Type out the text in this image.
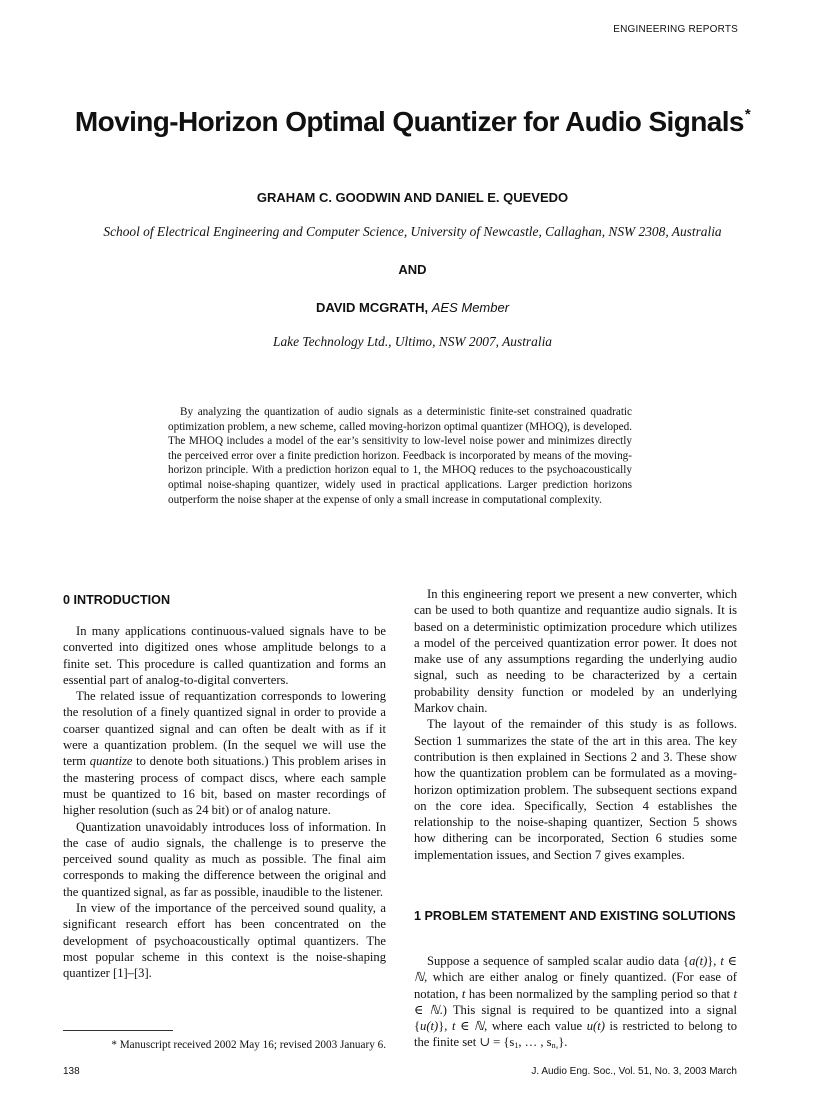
ENGINEERING REPORTS
Moving-Horizon Optimal Quantizer for Audio Signals*
GRAHAM C. GOODWIN AND DANIEL E. QUEVEDO
School of Electrical Engineering and Computer Science, University of Newcastle, Callaghan, NSW 2308, Australia
AND
DAVID MCGRATH, AES Member
Lake Technology Ltd., Ultimo, NSW 2007, Australia

By analyzing the quantization of audio signals as a deterministic finite-set constrained quadratic optimization problem, a new scheme, called moving-horizon optimal quantizer (MHOQ), is developed. The MHOQ includes a model of the ear’s sensitivity to low-level noise power and minimizes directly the perceived error over a finite prediction horizon. Feedback is incorporated by means of the moving-horizon principle. With a prediction horizon equal to 1, the MHOQ reduces to the psychoacoustically optimal noise-shaping quantizer, widely used in practical applications. Larger prediction horizons outperform the noise shaper at the expense of only a small increase in computational complexity.

0 INTRODUCTION

In many applications continuous-valued signals have to be converted into digitized ones whose amplitude belongs to a finite set. This procedure is called quantization and forms an essential part of analog-to-digital converters.

The related issue of requantization corresponds to lowering the resolution of a finely quantized signal in order to provide a coarser quantized signal and can often be dealt with as if it were a quantization problem. (In the sequel we will use the term quantize to denote both situations.) This problem arises in the mastering process of compact discs, where each sample must be quantized to 16 bit, based on master recordings of higher resolution (such as 24 bit) or of analog nature.

Quantization unavoidably introduces loss of information. In the case of audio signals, the challenge is to preserve the perceived sound quality as much as possible. The final aim corresponds to making the difference between the original and the quantized signal, as far as possible, inaudible to the listener.

In view of the importance of the perceived sound quality, a significant research effort has been concentrated on the development of psychoacoustically optimal quantizers. The most popular scheme in this context is the noise-shaping quantizer [1]–[3].

In this engineering report we present a new converter, which can be used to both quantize and requantize audio signals. It is based on a deterministic optimization procedure which utilizes a model of the perceived quantization error power. It does not make use of any assumptions regarding the underlying audio signal, such as needing to be characterized by a certain probability density function or modeled by an underlying Markov chain.

The layout of the remainder of this study is as follows. Section 1 summarizes the state of the art in this area. The key contribution is then explained in Sections 2 and 3. These show how the quantization problem can be formulated as a moving-horizon optimization problem. The subsequent sections expand on the core idea. Specifically, Section 4 establishes the relationship to the noise-shaping quantizer, Section 5 shows how dithering can be incorporated, Section 6 studies some implementation issues, and Section 7 gives examples.

1 PROBLEM STATEMENT AND EXISTING SOLUTIONS

Suppose a sequence of sampled scalar audio data {a(t)}, t ∈ ℕ, which are either analog or finely quantized. (For ease of notation, t has been normalized by the sampling period so that t ∈ ℕ.) This signal is required to be quantized into a signal {u(t)}, t ∈ ℕ, where each value u(t) is restricted to belong to the finite set ∪ = {$s_1$, … , $s_{nᵤ}$}.

* Manuscript received 2002 May 16; revised 2003 January 6.
138	J. Audio Eng. Soc., Vol. 51, No. 3, 2003 March
